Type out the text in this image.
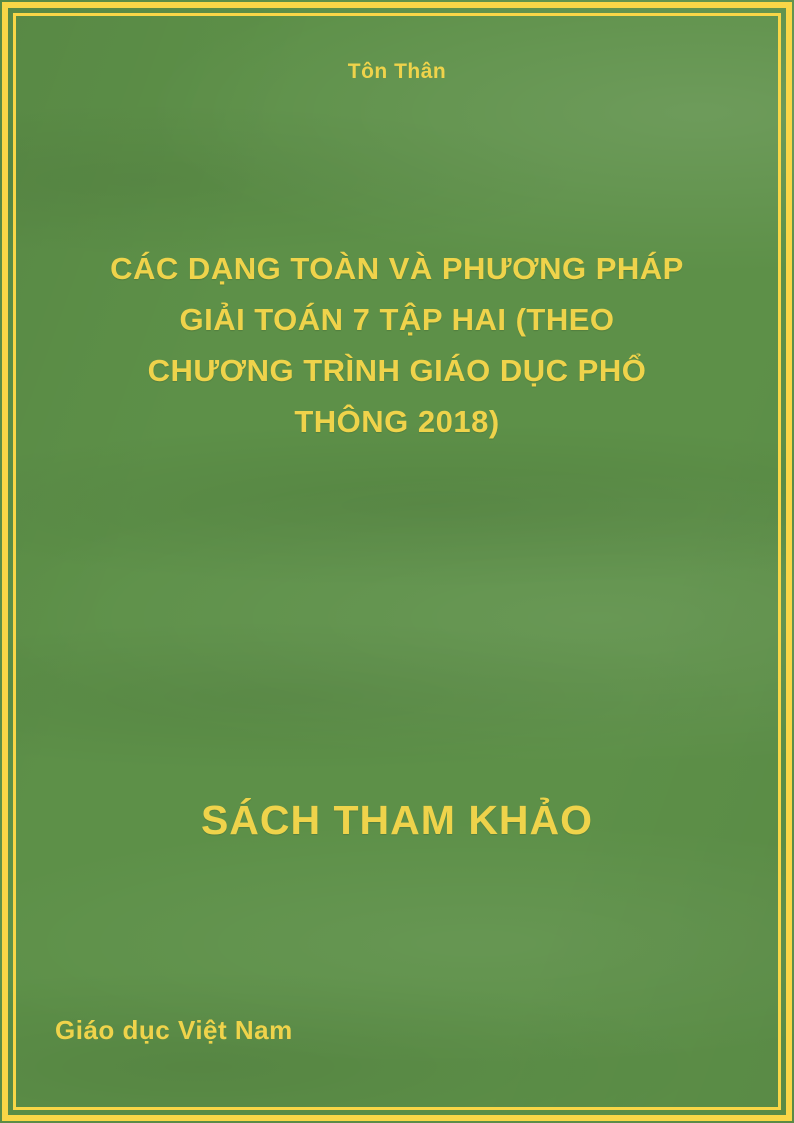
Tôn Thân
CÁC DẠNG TOÀN VÀ PHƯƠNG PHÁP
GIẢI TOÁN 7 TẬP HAI (THEO
CHƯƠNG TRÌNH GIÁO DỤC PHỔ
THÔNG 2018)
SÁCH THAM KHẢO
Giáo dục Việt Nam
